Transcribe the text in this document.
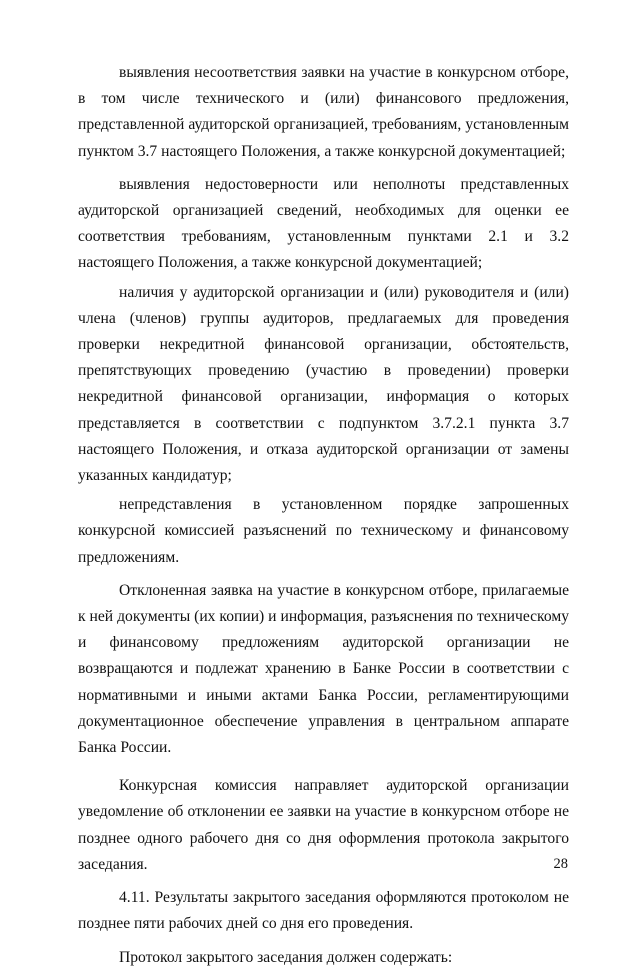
выявления несоответствия заявки на участие в конкурсном отборе, в том числе технического и (или) финансового предложения, представленной аудиторской организацией, требованиям, установленным пунктом 3.7 настоящего Положения, а также конкурсной документацией;

выявления недостоверности или неполноты представленных аудиторской организацией сведений, необходимых для оценки ее соответствия требованиям, установленным пунктами 2.1 и 3.2 настоящего Положения, а также конкурсной документацией;

наличия у аудиторской организации и (или) руководителя и (или) члена (членов) группы аудиторов, предлагаемых для проведения проверки некредитной финансовой организации, обстоятельств, препятствующих проведению (участию в проведении) проверки некредитной финансовой организации, информация о которых представляется в соответствии с подпунктом 3.7.2.1 пункта 3.7 настоящего Положения, и отказа аудиторской организации от замены указанных кандидатур;

непредставления в установленном порядке запрошенных конкурсной комиссией разъяснений по техническому и финансовому предложениям.

Отклоненная заявка на участие в конкурсном отборе, прилагаемые к ней документы (их копии) и информация, разъяснения по техническому и финансовому предложениям аудиторской организации не возвращаются и подлежат хранению в Банке России в соответствии с нормативными и иными актами Банка России, регламентирующими документационное обеспечение управления в центральном аппарате Банка России.

Конкурсная комиссия направляет аудиторской организации уведомление об отклонении ее заявки на участие в конкурсном отборе не позднее одного рабочего дня со дня оформления протокола закрытого заседания.

4.11. Результаты закрытого заседания оформляются протоколом не позднее пяти рабочих дней со дня его проведения.

Протокол закрытого заседания должен содержать:

28
